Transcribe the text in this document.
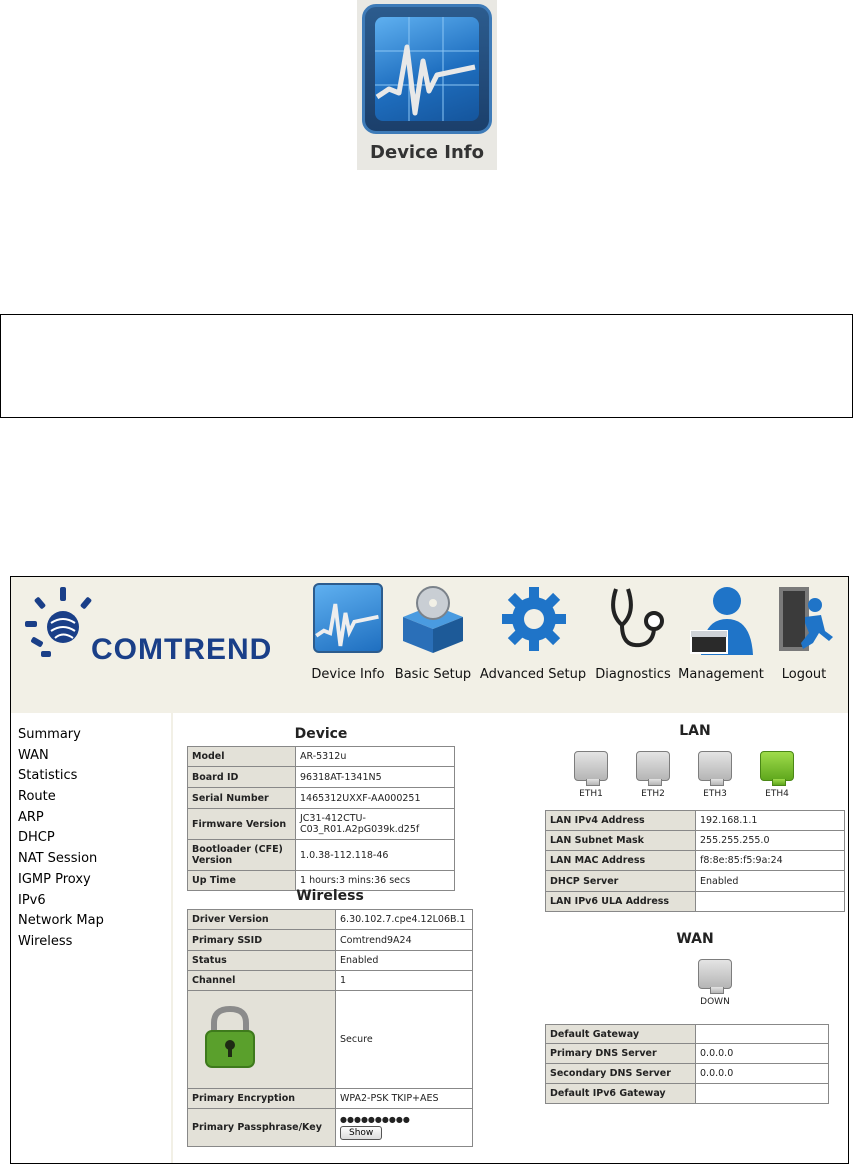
Device Info
COMTREND
Device Info Basic Setup Advanced Setup Diagnostics Management	Logout
Summary
WAN
Statistics
Route
ARP
DHCP
NAT Session
IGMP Proxy
IPv6
Network Map
Wireless
Device
Model	AR-5312u
Board ID	96318AT-1341N5
Serial Number	1465312UXXF-AA000251
Firmware Version	JC31-412CTU-C03_R01.A2pG039k.d25f
Bootloader (CFE) Version	1.0.38-112.118-46
Up Time	1 hours:3 mins:36 secs
Wireless
Driver Version	6.30.102.7.cpe4.12L06B.1
Primary SSID	Comtrend9A24
Status	Enabled
Channel	1

	Secure
Primary Encryption	WPA2-PSK TKIP+AES
Primary Passphrase/Key	●●●●●●●●●●
Show
LAN
ETH1	ETH2	ETH3	ETH4
LAN IPv4 Address	192.168.1.1
LAN Subnet Mask	255.255.255.0
LAN MAC Address	f8:8e:85:f5:9a:24
DHCP Server	Enabled
LAN IPv6 ULA Address	
WAN
DOWN
Default Gateway	
Primary DNS Server	0.0.0.0
Secondary DNS Server	0.0.0.0
Default IPv6 Gateway	
